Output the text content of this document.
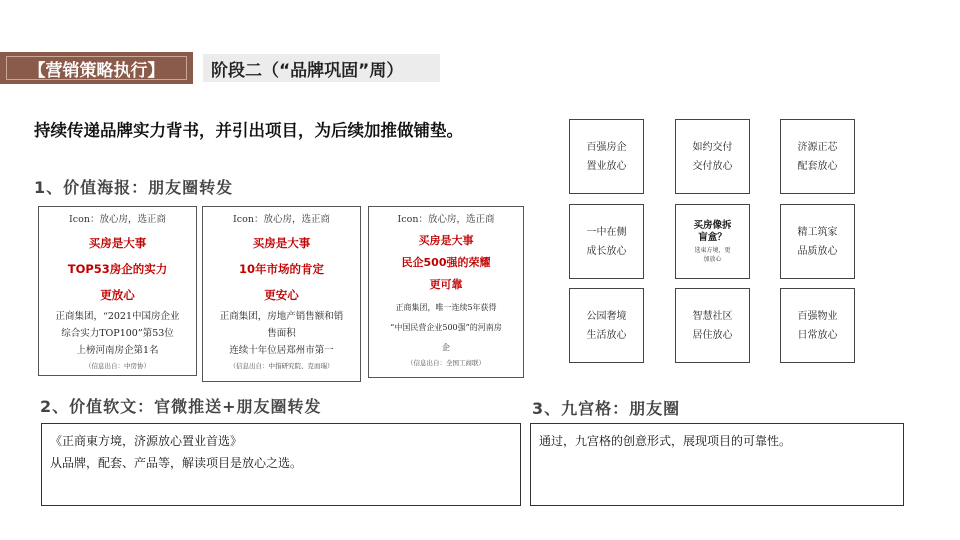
【营销策略执行】	阶段二（“品牌巩固”周）
持续传递品牌实力背书，并引出项目，为后续加推做铺垫。
1、价值海报：朋友圈转发
Icon：放心房，选正商
买房是大事
TOP53房企的实力
更放心
正商集团，“2021中国房企业
综合实力TOP100”第53位
上榜河南房企第1名
（信息出自：中房协）
Icon：放心房，选正商
买房是大事
10年市场的肯定
更安心
正商集团，房地产销售额和销
售面积
连续十年位居郑州市第一
（信息出自：中指研究院、克而瑞）
Icon：放心房，选正商
买房是大事
民企500强的荣耀
更可靠
正商集团，唯一连续5年获得
“中国民营企业500强”的河南房
企
（信息出自：全国工商联）
百强房企
置业放心
如约交付
交付放心
济源正芯
配套放心
一中在侧
成长放心
买房像拆
盲盒？
选東方境，更
加放心
精工筑家
品质放心
公园奢境
生活放心
智慧社区
居住放心
百强物业
日常放心
2、价值软文：官微推送+朋友圈转发	3、九宫格：朋友圈
《正商東方境，济源放心置业首选》
从品牌，配套、产品等，解读项目是放心之选。
通过，九宫格的创意形式，展现项目的可靠性。
